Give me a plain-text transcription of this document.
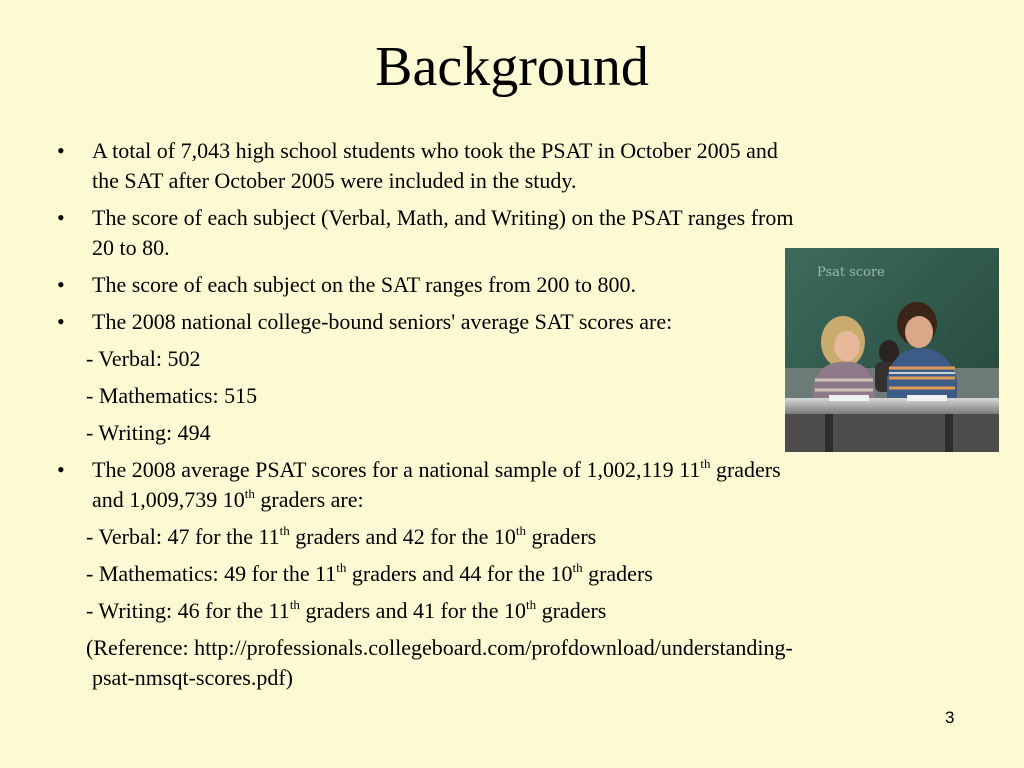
Background
• A total of 7,043 high school students who took the PSAT in October 2005 and
the SAT after October 2005 were included in the study.
• The score of each subject (Verbal, Math, and Writing) on the PSAT ranges from
20 to 80.
• The score of each subject on the SAT ranges from 200 to 800.
• The 2008 national college-bound seniors' average SAT scores are:
- Verbal: 502
- Mathematics: 515
- Writing: 494
• The 2008 average PSAT scores for a national sample of 1,002,119 11th graders
and 1,009,739 10th graders are:
- Verbal: 47 for the 11th graders and 42 for the 10th graders
- Mathematics: 49 for the 11th graders and 44 for the 10th graders
- Writing: 46 for the 11th graders and 41 for the 10th graders
(Reference: http://professionals.collegeboard.com/profdownload/understanding-
psat-nmsqt-scores.pdf)
Psat score
3
